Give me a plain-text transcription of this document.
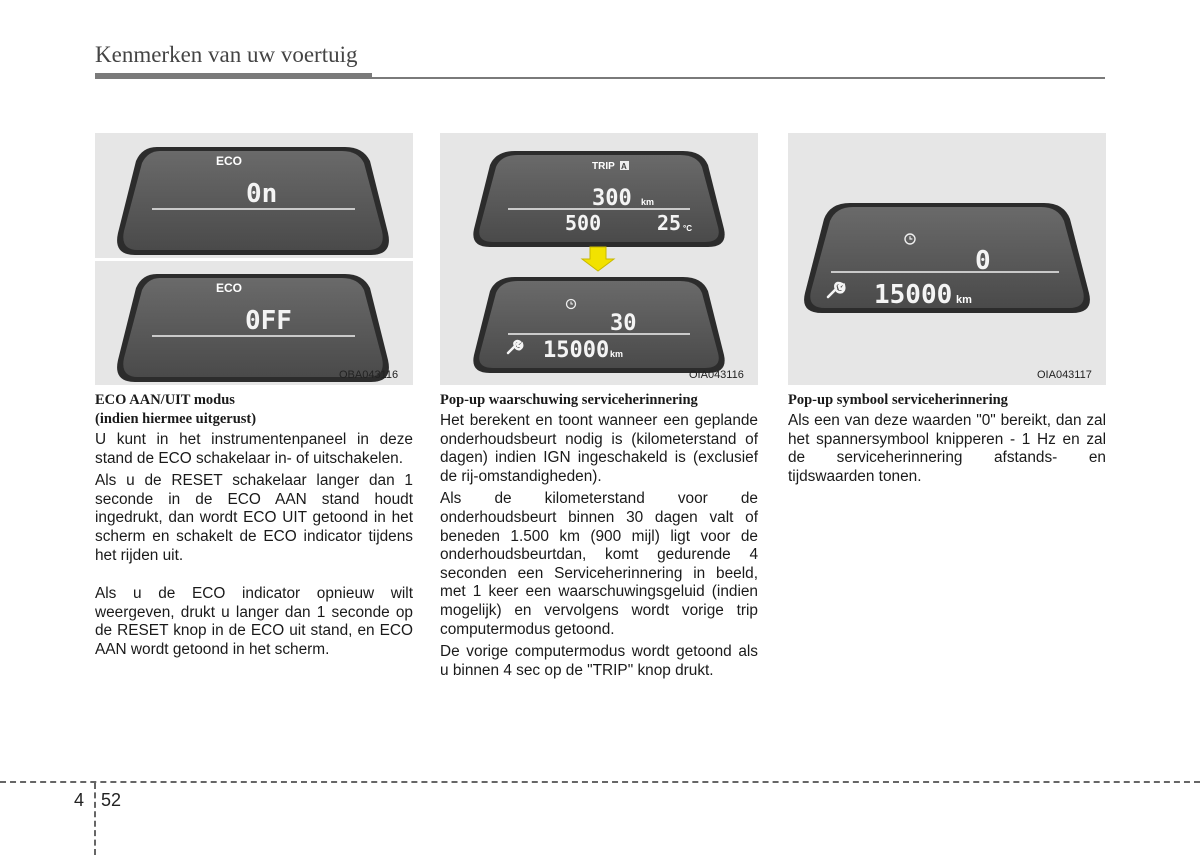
Kenmerken van uw voertuig
ECO
0n
ECO
0FF
OBA043116
TRIP A
300 km
500	25 °C
30
15000 km
OIA043116
0
15000 km
OIA043117
ECO AAN/UIT modus
(indien hiermee uitgerust)

U kunt in het instrumentenpaneel in deze stand de ECO schakelaar in- of uitschakelen.

Als u de RESET schakelaar langer dan 1 seconde in de ECO AAN stand houdt ingedrukt, dan wordt ECO UIT getoond in het scherm en schakelt de ECO indicator tijdens het rijden uit.

Als u de ECO indicator opnieuw wilt weergeven, drukt u langer dan 1 seconde op de RESET knop in de ECO uit stand, en ECO AAN wordt getoond in het scherm.

Pop-up waarschuwing serviceherinnering

Het berekent en toont wanneer een geplande onderhoudsbeurt nodig is (kilometerstand of dagen) indien IGN ingeschakeld is (exclusief de rij-omstandigheden).

Als de kilometerstand voor de onderhoudsbeurt binnen 30 dagen valt of beneden 1.500 km (900 mijl) ligt voor de onderhoudsbeurtdan, komt gedurende 4 seconden een Serviceherinnering in beeld, met 1 keer een waarschuwingsgeluid (indien mogelijk) en vervolgens wordt vorige trip computermodus getoond.

De vorige computermodus wordt getoond als u binnen 4 sec op de "TRIP" knop drukt.

Pop-up symbool serviceherinnering

Als een van deze waarden "0" bereikt, dan zal het spannersymbool knipperen - 1 Hz en zal de serviceherinnering afstands- en tijdswaarden tonen.

4 52
